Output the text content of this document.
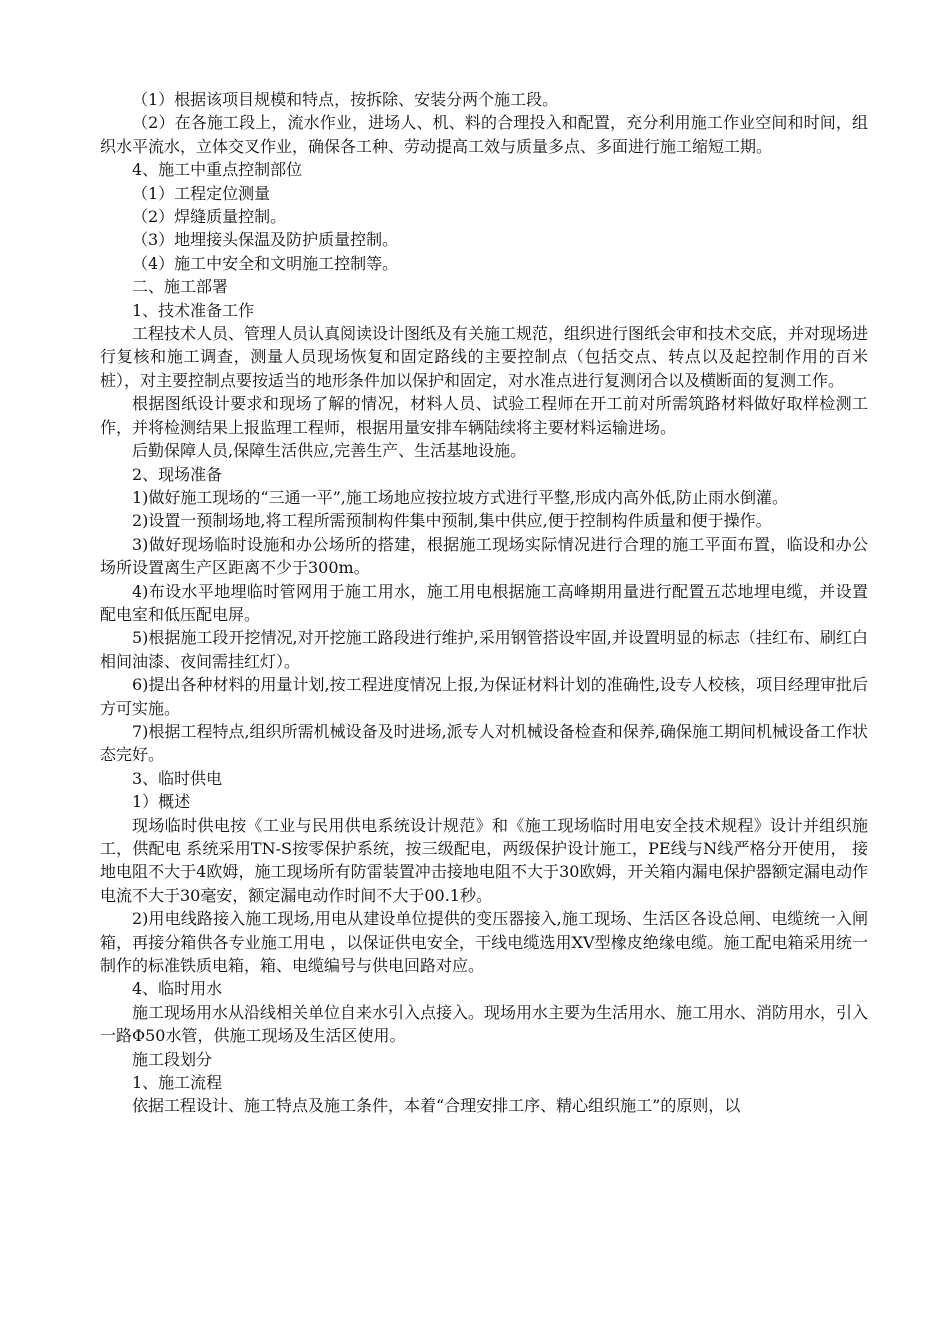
（1）根据该项目规模和特点，按拆除、安装分两个施工段。

（2）在各施工段上，流水作业，进场人、机、料的合理投入和配置，充分利用施工作业空间和时间，组织水平流水，立体交叉作业，确保各工种、劳动提高工效与质量多点、多面进行施工缩短工期。

4、施工中重点控制部位

（1）工程定位测量

（2）焊缝质量控制。

（3）地埋接头保温及防护质量控制。

（4）施工中安全和文明施工控制等。

二、施工部署

1、技术准备工作

工程技术人员、管理人员认真阅读设计图纸及有关施工规范，组织进行图纸会审和技术交底，并对现场进行复核和施工调查，测量人员现场恢复和固定路线的主要控制点（包括交点、转点以及起控制作用的百米桩），对主要控制点要按适当的地形条件加以保护和固定，对水准点进行复测闭合以及横断面的复测工作。

根据图纸设计要求和现场了解的情况，材料人员、试验工程师在开工前对所需筑路材料做好取样检测工作，并将检测结果上报监理工程师，根据用量安排车辆陆续将主要材料运输进场。

后勤保障人员,保障生活供应,完善生产、生活基地设施。

2、现场准备

1)做好施工现场的“三通一平”,施工场地应按拉坡方式进行平整,形成内高外低,防止雨水倒灌。

2)设置一预制场地,将工程所需预制构件集中预制,集中供应,便于控制构件质量和便于操作。

3)做好现场临时设施和办公场所的搭建，根据施工现场实际情况进行合理的施工平面布置，临设和办公场所设置离生产区距离不少于300m。

4)布设水平地埋临时管网用于施工用水，施工用电根据施工高峰期用量进行配置五芯地埋电缆，并设置配电室和低压配电屏。

5)根据施工段开挖情况,对开挖施工路段进行维护,采用钢管搭设牢固,并设置明显的标志（挂红布、刷红白相间油漆、夜间需挂红灯）。

6)提出各种材料的用量计划,按工程进度情况上报,为保证材料计划的准确性,设专人校核，项目经理审批后方可实施。

7)根据工程特点,组织所需机械设备及时进场,派专人对机械设备检查和保养,确保施工期间机械设备工作状态完好。

3、临时供电

1）概述

现场临时供电按《工业与民用供电系统设计规范》和《施工现场临时用电安全技术规程》设计并组织施工，供配电 系统采用TN-S按零保护系统，按三级配电，两级保护设计施工，PE线与N线严格分开使用， 接地电阻不大于4欧姆，施工现场所有防雷装置冲击接地电阻不大于30欧姆，开关箱内漏电保护器额定漏电动作电流不大于30毫安，额定漏电动作时间不大于00.1秒。

2)用电线路接入施工现场,用电从建设单位提供的变压器接入,施工现场、生活区各设总闸、电缆统一入闸箱，再接分箱供各专业施工用电 ，以保证供电安全，干线电缆选用XV型橡皮绝缘电缆。施工配电箱采用统一制作的标准铁质电箱，箱、电缆编号与供电回路对应。

4、临时用水

施工现场用水从沿线相关单位自来水引入点接入。现场用水主要为生活用水、施工用水、消防用水，引入一路Φ50水管，供施工现场及生活区使用。

施工段划分

1、施工流程

依据工程设计、施工特点及施工条件，本着“合理安排工序、精心组织施工”的原则，以
